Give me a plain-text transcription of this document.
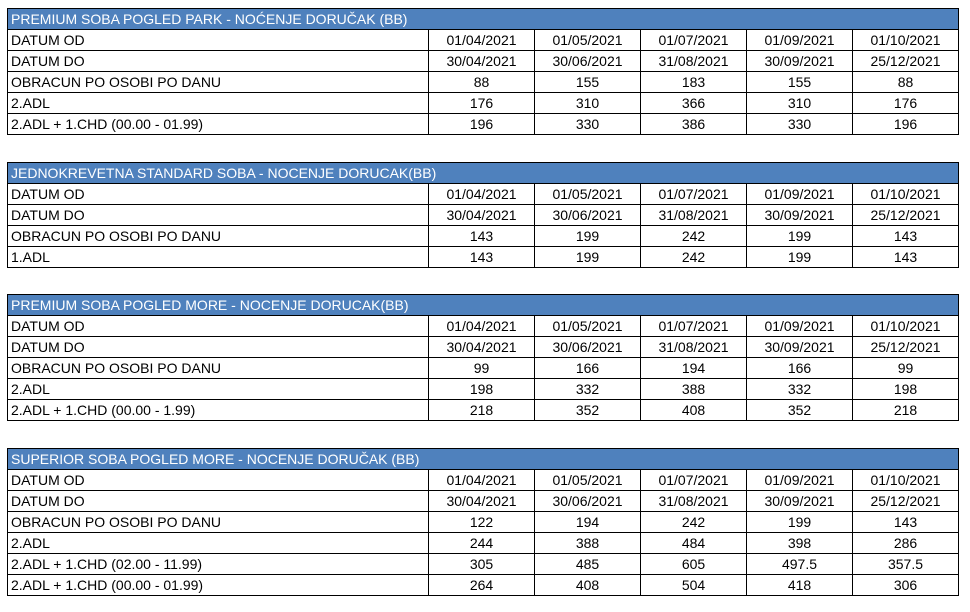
PREMIUM SOBA POGLED PARK - NOĆENJE DORUČAK (BB)					
DATUM OD	01/04/2021	01/05/2021	01/07/2021	01/09/2021	01/10/2021
DATUM DO	30/04/2021	30/06/2021	31/08/2021	30/09/2021	25/12/2021
OBRACUN PO OSOBI PO DANU	88	155	183	155	88
2.ADL	176	310	366	310	176
2.ADL + 1.CHD (00.00 - 01.99)	196	330	386	330	196
JEDNOKREVETNA STANDARD SOBA - NOCENJE DORUCAK(BB)					
DATUM OD	01/04/2021	01/05/2021	01/07/2021	01/09/2021	01/10/2021
DATUM DO	30/04/2021	30/06/2021	31/08/2021	30/09/2021	25/12/2021
OBRACUN PO OSOBI PO DANU	143	199	242	199	143
1.ADL	143	199	242	199	143
PREMIUM SOBA POGLED MORE - NOCENJE DORUCAK(BB)					
DATUM OD	01/04/2021	01/05/2021	01/07/2021	01/09/2021	01/10/2021
DATUM DO	30/04/2021	30/06/2021	31/08/2021	30/09/2021	25/12/2021
OBRACUN PO OSOBI PO DANU	99	166	194	166	99
2.ADL	198	332	388	332	198
2.ADL + 1.CHD (00.00 - 1.99)	218	352	408	352	218
SUPERIOR SOBA POGLED MORE - NOCENJE DORUČAK (BB)					
DATUM OD	01/04/2021	01/05/2021	01/07/2021	01/09/2021	01/10/2021
DATUM DO	30/04/2021	30/06/2021	31/08/2021	30/09/2021	25/12/2021
OBRACUN PO OSOBI PO DANU	122	194	242	199	143
2.ADL	244	388	484	398	286
2.ADL + 1.CHD (02.00 - 11.99)	305	485	605	497.5	357.5
2.ADL + 1.CHD (00.00 - 01.99)	264	408	504	418	306
